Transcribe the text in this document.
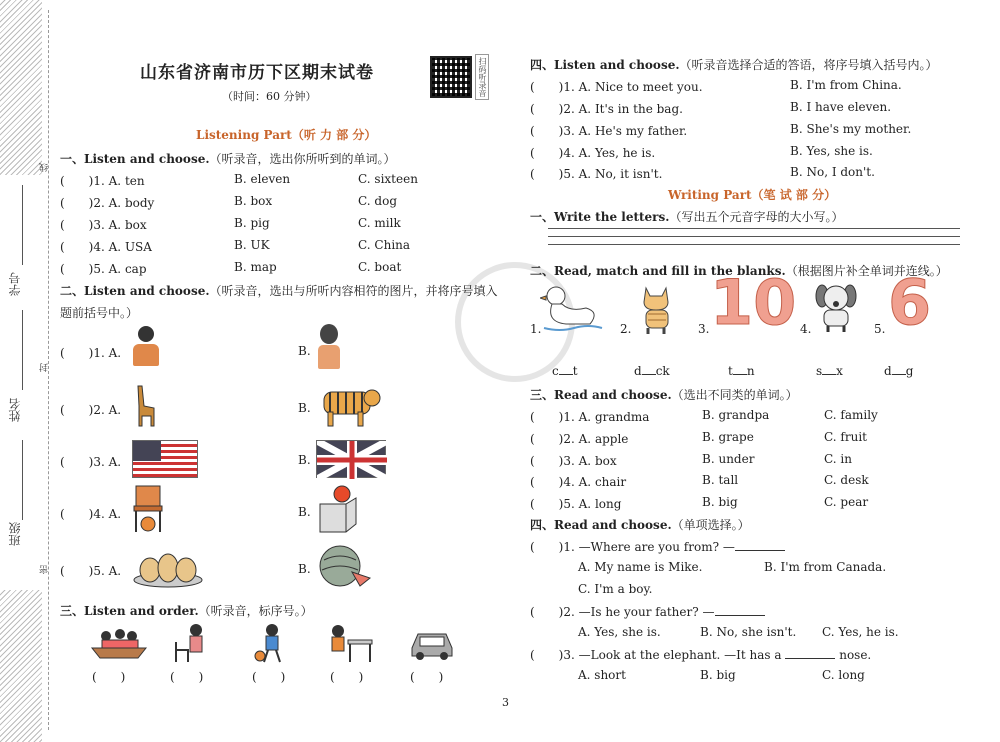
班级
姓名
学号
密
封
线
山东省济南市历下区期末试卷
（时间：60 分钟）	扫码听录音
Listening Part（听 力 部 分）
一、Listen and choose.（听录音，选出你所听到的单词。）
(　　)1. A. ten	B. eleven	C. sixteen
(　　)2. A. body	B. box	C. dog
(　　)3. A. box	B. pig	C. milk
(　　)4. A. USA	B. UK	C. China
(　　)5. A. cap	B. map	C. boat
二、Listen and choose.（听录音，选出与所听内容相符的图片，并将序号填入
题前括号中。）
(　　)1. A.	B.
(　　)2. A.	B.
(　　)3. A.	B.
(　　)4. A.	B.
(　　)5. A.	B.
三、Listen and order.（听录音，标序号。）
(　　)	(　　)	(　　)	(　　)	(　　)
四、Listen and choose.（听录音选择合适的答语，将序号填入括号内。）
(　　)1. A. Nice to meet you.	B. I'm from China.
(　　)2. A. It's in the bag.	B. I have eleven.
(　　)3. A. He's my father.	B. She's my mother.
(　　)4. A. Yes, he is.	B. Yes, she is.
(　　)5. A. No, it isn't.	B. No, I don't.
Writing Part（笔 试 部 分）
一、Write the letters.（写出五个元音字母的大小写。）
二、Read, match and fill in the blanks.（根据图片补全单词并连线。）
1.	2.	3. 10 4.	5. 6
c t	d ck	t n	s x	d g
三、Read and choose.（选出不同类的单词。）
(　　)1. A. grandma	B. grandpa	C. family
(　　)2. A. apple	B. grape	C. fruit
(　　)3. A. box	B. under	C. in
(　　)4. A. chair	B. tall	C. desk
(　　)5. A. long	B. big	C. pear
四、Read and choose.（单项选择。）
(　　)1. —Where are you from? —
A. My name is Mike.	B. I'm from Canada.
C. I'm a boy.
(　　)2. —Is he your father? —
A. Yes, she is.	B. No, she isn't. C. Yes, he is.
(　　)3. —Look at the elephant. —It has a	nose.
A. short	B. big	C. long
3
